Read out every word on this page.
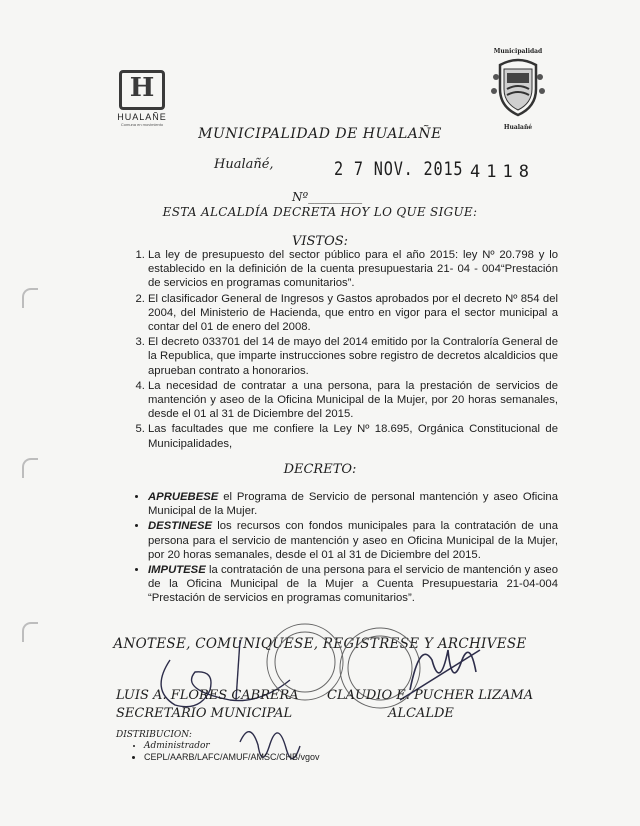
H
HUALAÑE
Comuna en movimiento
Municipalidad
Hualañé
MUNICIPALIDAD DE HUALAÑE
Hualañé,	2 7 NOV. 2015 4118
Nº_________
ESTA ALCALDÍA DECRETA HOY LO QUE SIGUE:
VISTOS:
1. La ley de presupuesto del sector público para el año 2015: ley Nº 20.798 y lo establecido en la definición de la cuenta presupuestaria 21- 04 - 004“Prestación de servicios en programas comunitarios”.
2. El clasificador General de Ingresos y Gastos aprobados por el decreto Nº 854 del 2004, del Ministerio de Hacienda, que entro en vigor para el sector municipal a contar del 01 de enero del 2008.
3. El decreto 033701 del 14 de mayo del 2014 emitido por la Contraloría General de la Republica, que imparte instrucciones sobre registro de decretos alcaldicios que aprueban contrato a honorarios.
4. La necesidad de contratar a una persona, para la prestación de servicios de mantención y aseo de la Oficina Municipal de la Mujer, por 20 horas semanales, desde el 01 al 31 de Diciembre del 2015.
5. Las facultades que me confiere la Ley Nº 18.695, Orgánica Constitucional de Municipalidades,
DECRETO:
• APRUEBESE el Programa de Servicio de personal mantención y aseo Oficina Municipal de la Mujer.
• DESTINESE los recursos con fondos municipales para la contratación de una persona para el servicio de mantención y aseo en Oficina Municipal de la Mujer, por 20 horas semanales, desde el 01 al 31 de Diciembre del 2015.
• IMPUTESE la contratación de una persona para el servicio de mantención y aseo de la Oficina Municipal de la Mujer a Cuenta Presupuestaria 21-04-004 “Prestación de servicios en programas comunitarios”.
ANOTESE, COMUNIQUESE, REGISTRESE Y ARCHIVESE
LUIS A. FLORES CABRERA
SECRETARIO MUNICIPAL
CLAUDIO E. PUCHER LIZAMA
ALCALDE
DISTRIBUCION:
• Administrador
• CEPL/AARB/LAFC/AMUF/AMSC/CHB/vgov
